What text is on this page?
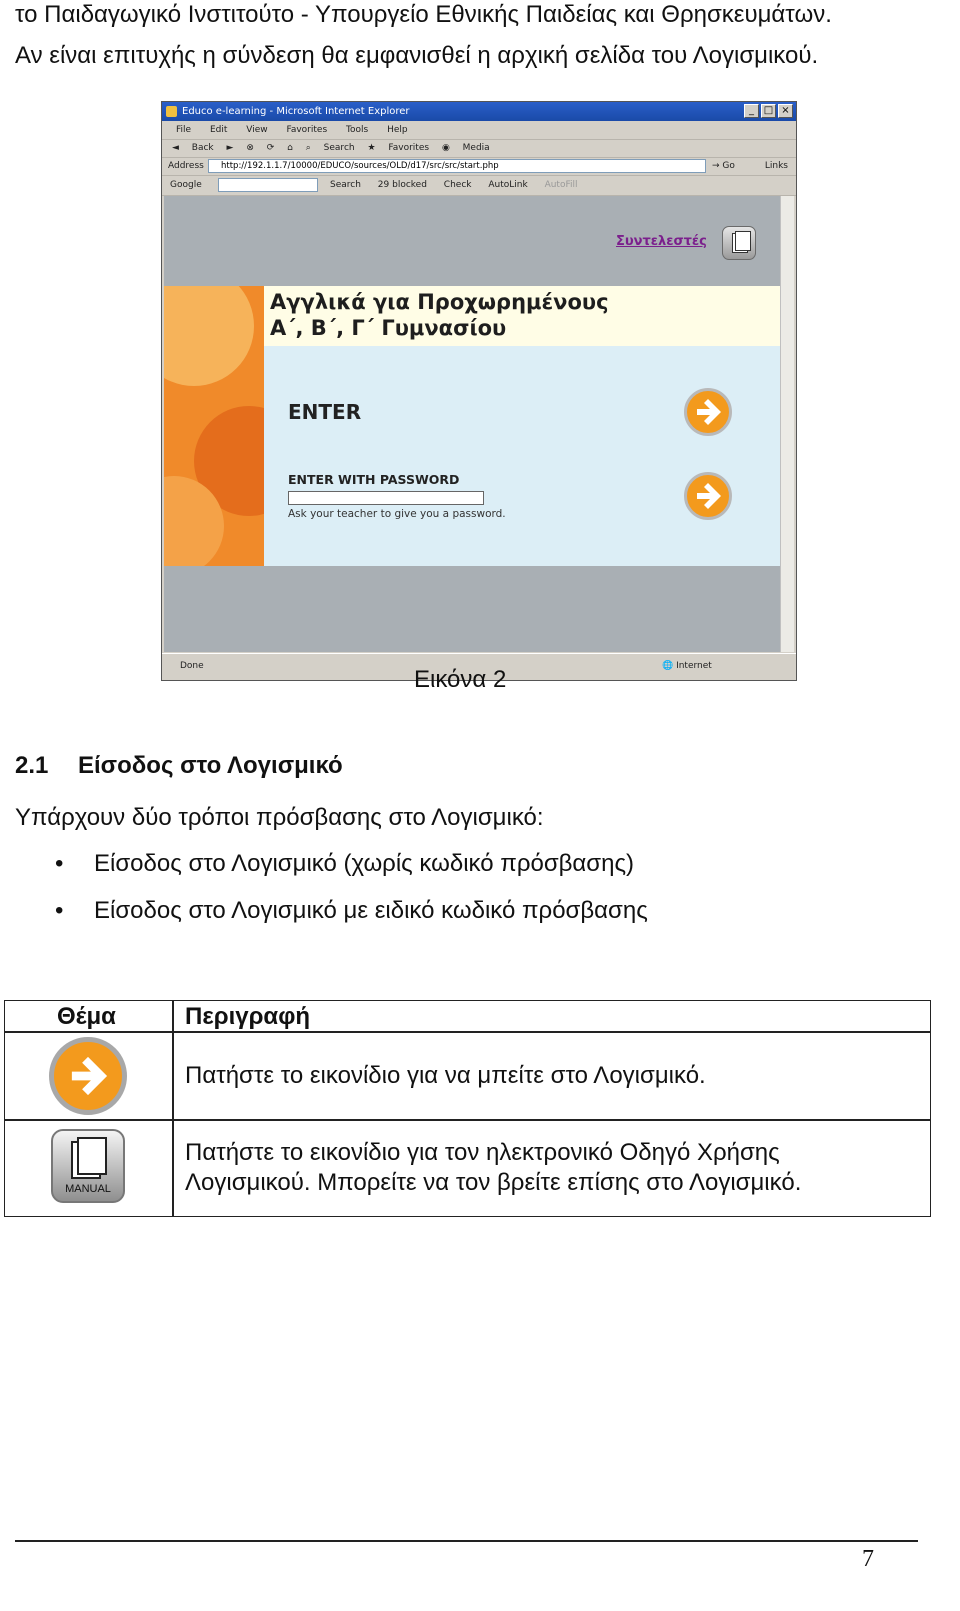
το Παιδαγωγικό Ινστιτούτο - Υπουργείο Εθνικής Παιδείας και Θρησκευμάτων.
Αν είναι επιτυχής η σύνδεση θα εμφανισθεί η αρχική σελίδα του Λογισμικού.
Educo e-learning - Microsoft Internet Explorer	_ □ ×
File Edit View Favorites Tools Help
◄ Back ► ⊗ ⟳ ⌂ ⌕ Search ★ Favorites ◉ Media
Address	http://192.1.1.7/10000/EDUCO/sources/OLD/d17/src/src/start.php	→ Go	Links
Google	Search 29 blocked Check AutoLink AutoFill
Συντελεστές
Αγγλικά για Προχωρημένους
Α΄, Β΄, Γ΄ Γυμνασίου
ENTER
ENTER WITH PASSWORD
Ask your teacher to give you a password.
Done	🌐 Internet
Εικόνα 2
2.1 Είσοδος στο Λογισμικό
Υπάρχουν δύο τρόποι πρόσβασης στο Λογισμικό:
• Είσοδος στο Λογισμικό (χωρίς κωδικό πρόσβασης)
• Είσοδος στο Λογισμικό με ειδικό κωδικό πρόσβασης
Θέμα	Περιγραφή
Πατήστε το εικονίδιο για να μπείτε στο Λογισμικό.
MANUAL
Πατήστε το εικονίδιο για τον ηλεκτρονικό Οδηγό Χρήσης
Λογισμικού. Μπορείτε να τον βρείτε επίσης στο Λογισμικό.
7
